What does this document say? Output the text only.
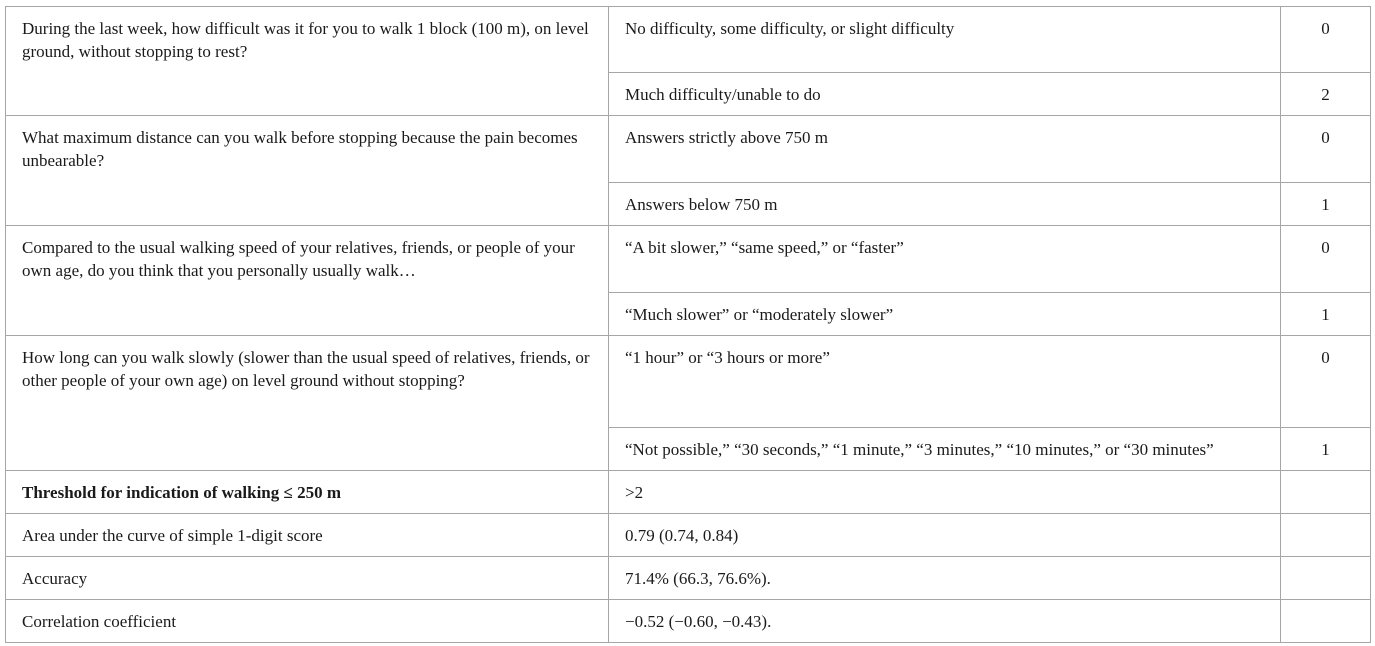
During the last week, how difficult was it for you to walk 1 block (100 m), on level ground, without stopping to rest?	No difficulty, some difficulty, or slight difficulty	0
	Much difficulty/unable to do	2
What maximum distance can you walk before stopping because the pain becomes unbearable?	Answers strictly above 750 m	0
	Answers below 750 m	1
Compared to the usual walking speed of your relatives, friends, or people of your own age, do you think that you personally usually walk…	“A bit slower,” “same speed,” or “faster”	0
	“Much slower” or “moderately slower”	1
How long can you walk slowly (slower than the usual speed of relatives, friends, or other people of your own age) on level ground without stopping?	“1 hour” or “3 hours or more”	0
	“Not possible,” “30 seconds,” “1 minute,” “3 minutes,” “10 minutes,” or “30 minutes”	1
Threshold for indication of walking ≤ 250 m	>2	
Area under the curve of simple 1-digit score	0.79 (0.74, 0.84)	
Accuracy	71.4% (66.3, 76.6%).	
Correlation coefficient	−0.52 (−0.60, −0.43).	
